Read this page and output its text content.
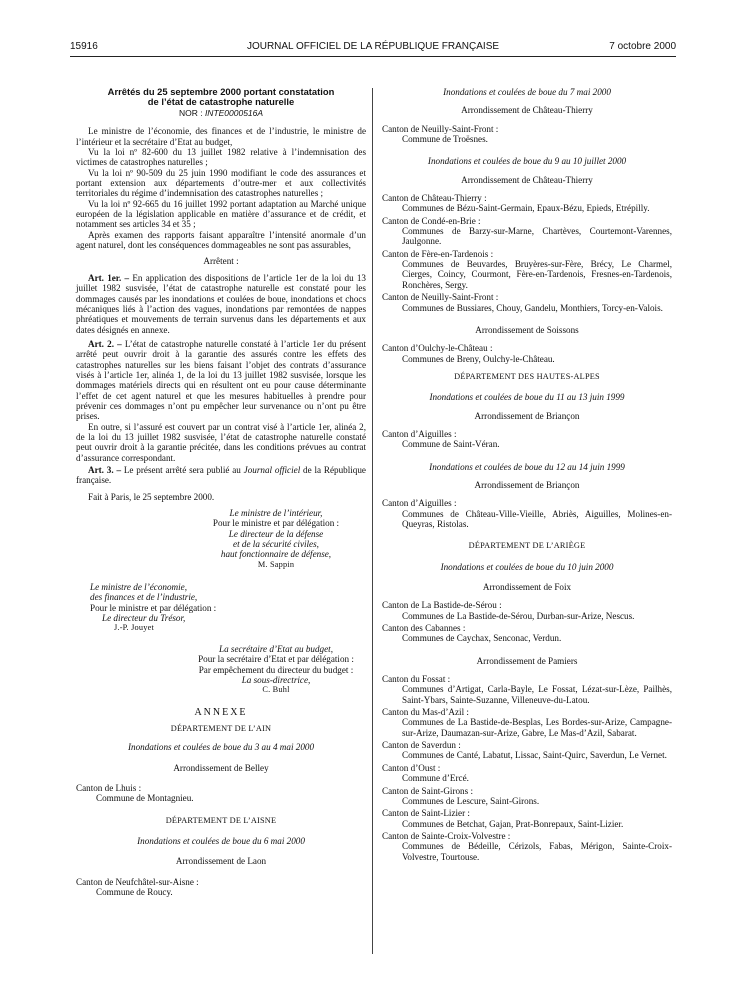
15916	JOURNAL OFFICIEL DE LA RÉPUBLIQUE FRANÇAISE	7 octobre 2000

Arrêtés du 25 septembre 2000 portant constatation
de l’état de catastrophe naturelle

NOR : INTE0000516A

Le ministre de l’économie, des finances et de l’industrie, le ministre de l’intérieur et la secrétaire d’Etat au budget,

Vu la loi nº 82-600 du 13 juillet 1982 relative à l’indemnisation des victimes de catastrophes naturelles ;

Vu la loi nº 90-509 du 25 juin 1990 modifiant le code des assurances et portant extension aux départements d’outre-mer et aux collectivités territoriales du régime d’indemnisation des catastrophes naturelles ;

Vu la loi nº 92-665 du 16 juillet 1992 portant adaptation au Marché unique européen de la législation applicable en matière d’assurance et de crédit, et notamment ses articles 34 et 35 ;

Après examen des rapports faisant apparaître l’intensité anormale d’un agent naturel, dont les conséquences dommageables ne sont pas assurables,

Arrêtent :

Art. 1er. – En application des dispositions de l’article 1er de la loi du 13 juillet 1982 susvisée, l’état de catastrophe naturelle est constaté pour les dommages causés par les inondations et coulées de boue, inondations et chocs mécaniques liés à l’action des vagues, inondations par remontées de nappes phréatiques et mouvements de terrain survenus dans les départements et aux dates désignés en annexe.

Art. 2. – L’état de catastrophe naturelle constaté à l’article 1er du présent arrêté peut ouvrir droit à la garantie des assurés contre les effets des catastrophes naturelles sur les biens faisant l’objet des contrats d’assurance visés à l’article 1er, alinéa 1, de la loi du 13 juillet 1982 susvisée, lorsque les dommages matériels directs qui en résultent ont eu pour cause déterminante l’effet de cet agent naturel et que les mesures habituelles à prendre pour prévenir ces dommages n’ont pu empêcher leur survenance ou n’ont pu être prises.

En outre, si l’assuré est couvert par un contrat visé à l’article 1er, alinéa 2, de la loi du 13 juillet 1982 susvisée, l’état de catastrophe naturelle constaté peut ouvrir droit à la garantie précitée, dans les conditions prévues au contrat d’assurance correspondant.

Art. 3. – Le présent arrêté sera publié au Journal officiel de la République française.

Fait à Paris, le 25 septembre 2000.

Le ministre de l’intérieur,

Pour le ministre et par délégation :

Le directeur de la défense

et de la sécurité civiles,

haut fonctionnaire de défense,

M. Sappin

Le ministre de l’économie,

des finances et de l’industrie,

Pour le ministre et par délégation :

Le directeur du Trésor,

J.-P. Jouyet

La secrétaire d’Etat au budget,

Pour la secrétaire d’Etat et par délégation :

Par empêchement du directeur du budget :

La sous-directrice,

C. Buhl

ANNEXE

DÉPARTEMENT DE L’AIN

Inondations et coulées de boue du 3 au 4 mai 2000

Arrondissement de Belley

Canton de Lhuis :

Commune de Montagnieu.

DÉPARTEMENT DE L’AISNE

Inondations et coulées de boue du 6 mai 2000

Arrondissement de Laon

Canton de Neufchâtel-sur-Aisne :

Commune de Roucy.

Inondations et coulées de boue du 7 mai 2000

Arrondissement de Château-Thierry

Canton de Neuilly-Saint-Front :

Commune de Troësnes.

Inondations et coulées de boue du 9 au 10 juillet 2000

Arrondissement de Château-Thierry

Canton de Château-Thierry :

Communes de Bézu-Saint-Germain, Epaux-Bézu, Epieds, Etrépilly.

Canton de Condé-en-Brie :

Communes de Barzy-sur-Marne, Chartèves, Courtemont-Varennes, Jaulgonne.

Canton de Fère-en-Tardenois :

Communes de Beuvardes, Bruyères-sur-Fère, Brécy, Le Charmel, Cierges, Coincy, Courmont, Fère-en-Tardenois, Fresnes-en-Tardenois, Ronchères, Sergy.

Canton de Neuilly-Saint-Front :

Communes de Bussiares, Chouy, Gandelu, Monthiers, Torcy-en-Valois.

Arrondissement de Soissons

Canton d’Oulchy-le-Château :

Communes de Breny, Oulchy-le-Château.

DÉPARTEMENT DES HAUTES-ALPES

Inondations et coulées de boue du 11 au 13 juin 1999

Arrondissement de Briançon

Canton d’Aiguilles :

Commune de Saint-Véran.

Inondations et coulées de boue du 12 au 14 juin 1999

Arrondissement de Briançon

Canton d’Aiguilles :

Communes de Château-Ville-Vieille, Abriès, Aiguilles, Molines-en-Queyras, Ristolas.

DÉPARTEMENT DE L’ARIÈGE

Inondations et coulées de boue du 10 juin 2000

Arrondissement de Foix

Canton de La Bastide-de-Sérou :

Communes de La Bastide-de-Sérou, Durban-sur-Arize, Nescus.

Canton des Cabannes :

Communes de Caychax, Senconac, Verdun.

Arrondissement de Pamiers

Canton du Fossat :

Communes d’Artigat, Carla-Bayle, Le Fossat, Lézat-sur-Lèze, Pailhès, Saint-Ybars, Sainte-Suzanne, Villeneuve-du-Latou.

Canton du Mas-d’Azil :

Communes de La Bastide-de-Besplas, Les Bordes-sur-Arize, Campagne-sur-Arize, Daumazan-sur-Arize, Gabre, Le Mas-d’Azil, Sabarat.

Canton de Saverdun :

Communes de Canté, Labatut, Lissac, Saint-Quirc, Saverdun, Le Vernet.

Canton d’Oust :

Commune d’Ercé.

Canton de Saint-Girons :

Communes de Lescure, Saint-Girons.

Canton de Saint-Lizier :

Communes de Betchat, Gajan, Prat-Bonrepaux, Saint-Lizier.

Canton de Sainte-Croix-Volvestre :

Communes de Bédeille, Cérizols, Fabas, Mérigon, Sainte-Croix-Volvestre, Tourtouse.
